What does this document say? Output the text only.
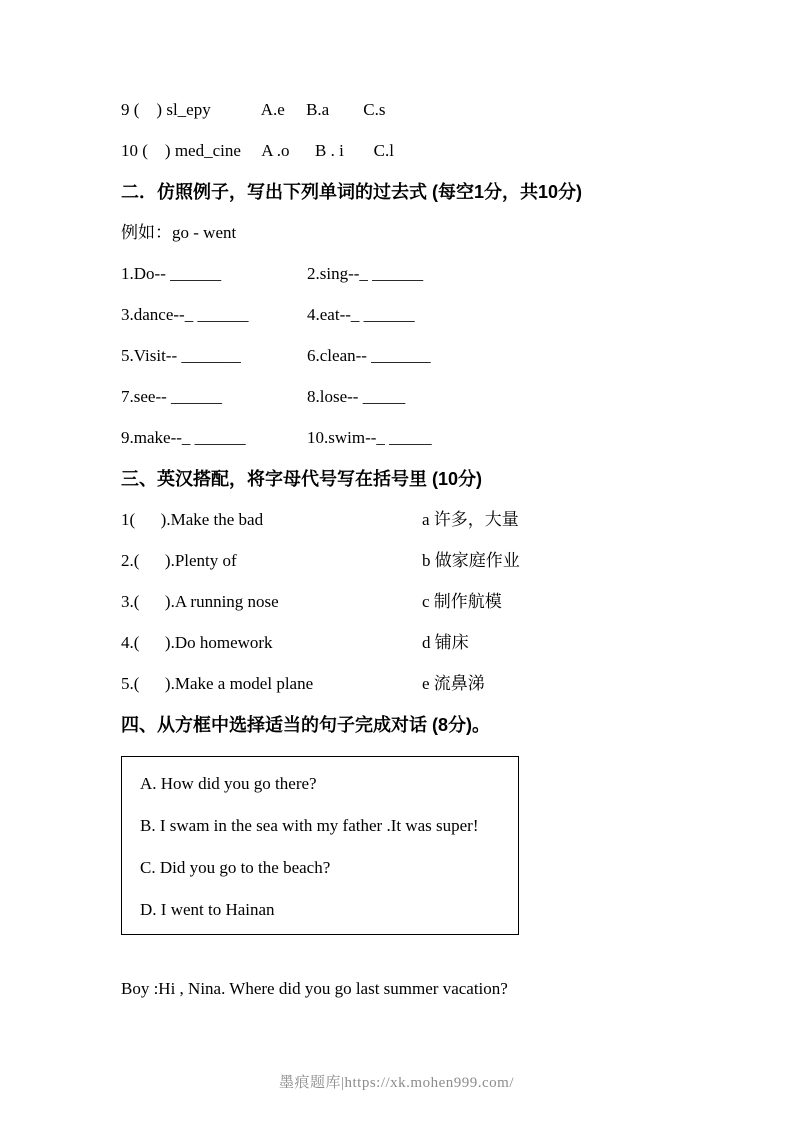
9 (    ) sl_epy            A.e     B.a        C.s

10 (    ) med_cine     A .o      B . i       C.l

二．仿照例子，写出下列单词的过去式 (每空1分，共10分)

例如：go - went

1.Do-- ______	2.sing--_ ______
3.dance--_ ______	4.eat--_ ______
5.Visit-- _______	6.clean-- _______
7.see-- ______	8.lose-- _____
9.make--_ ______	10.swim--_ _____
三、英汉搭配，将字母代号写在括号里 (10分)
1(      ).Make the bad	a 许多，大量
2.(      ).Plenty of	b 做家庭作业
3.(      ).A running nose	c 制作航模
4.(      ).Do homework	d 铺床
5.(      ).Make a model plane	e 流鼻涕
四、从方框中选择适当的句子完成对话 (8分)。

A. How did you go there?

B. I swam in the sea with my father .It was super!

C. Did you go to the beach?

D. I went to Hainan

Boy :Hi , Nina. Where did you go last summer vacation?

墨痕题库|https://xk.mohen999.com/
